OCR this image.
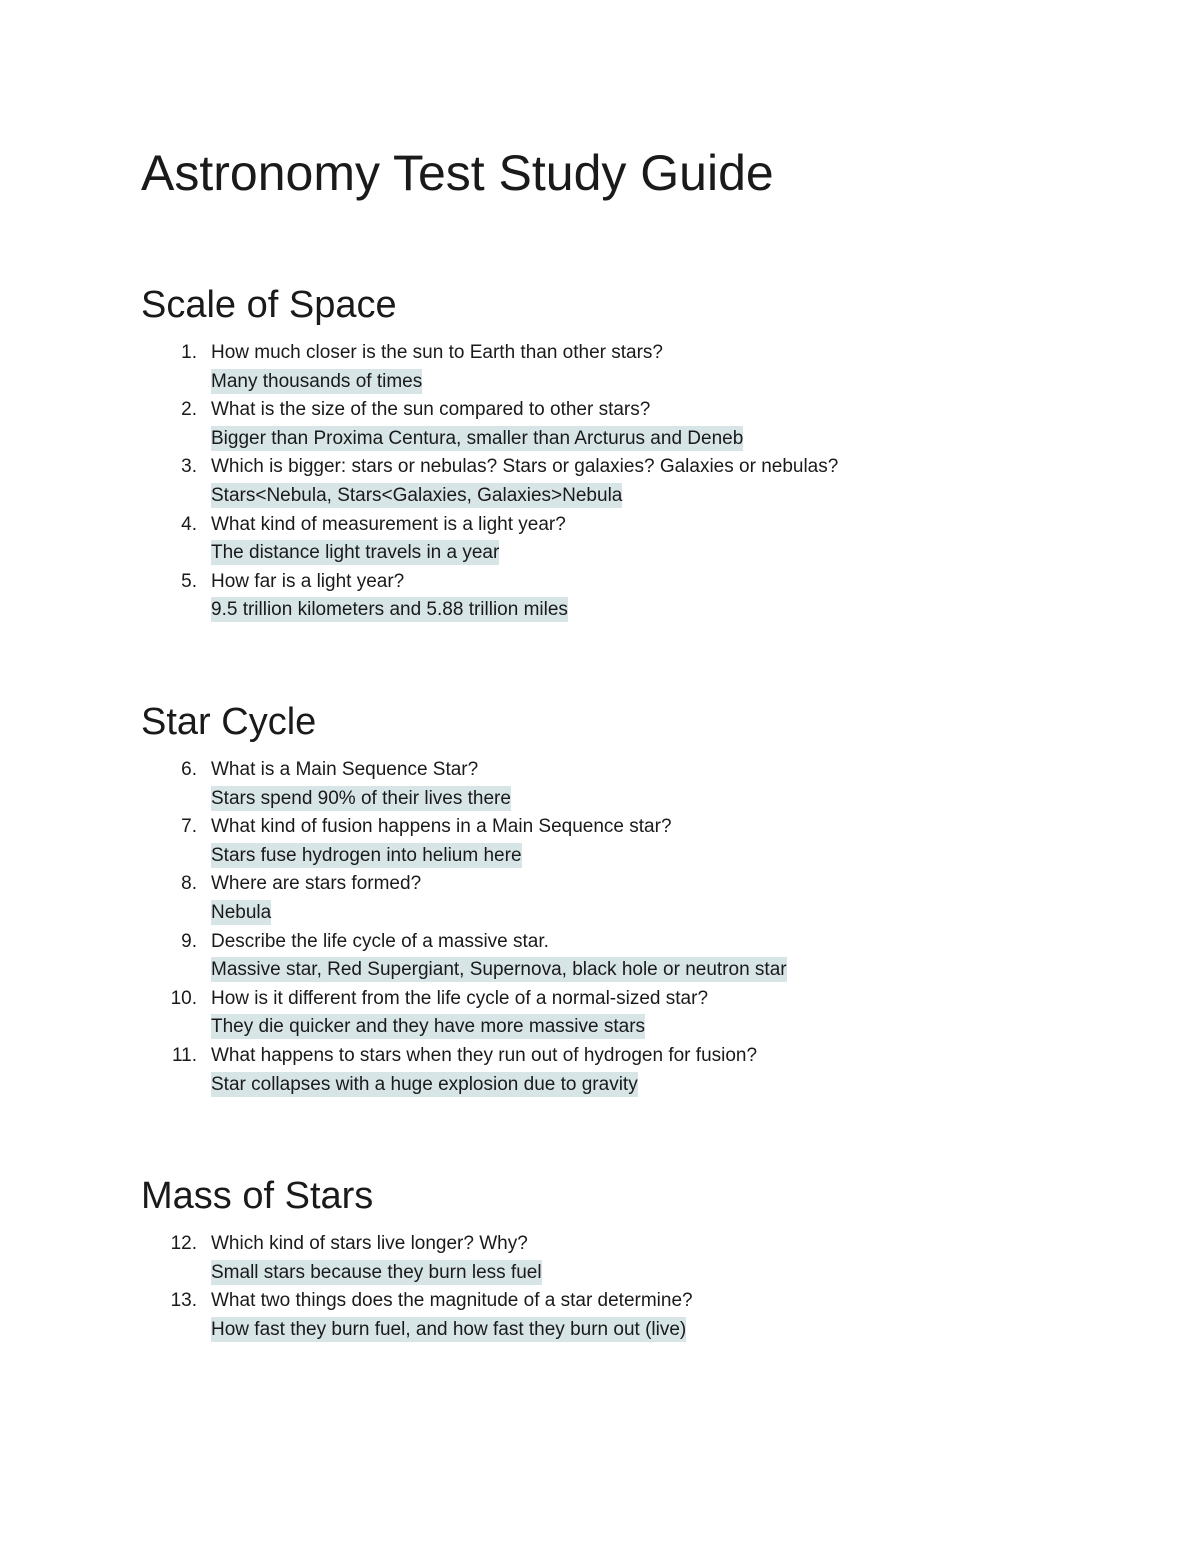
Astronomy Test Study Guide
Scale of Space
1. How much closer is the sun to Earth than other stars?
Many thousands of times
2. What is the size of the sun compared to other stars?
Bigger than Proxima Centura, smaller than Arcturus and Deneb
3. Which is bigger: stars or nebulas? Stars or galaxies? Galaxies or nebulas?
Stars<Nebula, Stars<Galaxies, Galaxies>Nebula
4. What kind of measurement is a light year?
The distance light travels in a year
5. How far is a light year?
9.5 trillion kilometers and 5.88 trillion miles
Star Cycle
6. What is a Main Sequence Star?
Stars spend 90% of their lives there
7. What kind of fusion happens in a Main Sequence star?
Stars fuse hydrogen into helium here
8. Where are stars formed?
Nebula
9. Describe the life cycle of a massive star.
Massive star, Red Supergiant, Supernova, black hole or neutron star
10. How is it different from the life cycle of a normal-sized star?
They die quicker and they have more massive stars
11. What happens to stars when they run out of hydrogen for fusion?
Star collapses with a huge explosion due to gravity
Mass of Stars
12. Which kind of stars live longer? Why?
Small stars because they burn less fuel
13. What two things does the magnitude of a star determine?
How fast they burn fuel, and how fast they burn out (live)
